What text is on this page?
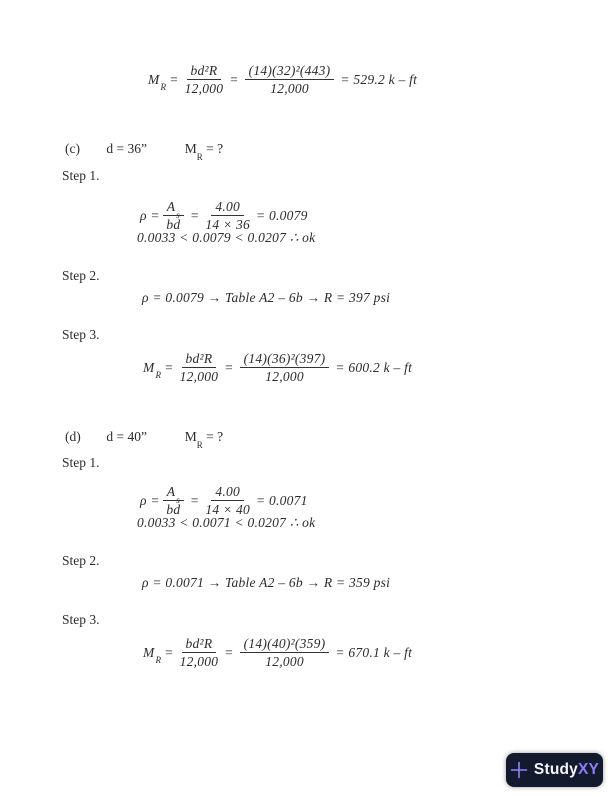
$M_R$
= $\frac{\text{bd²R}}{12,000} = \frac{\text{(14)(32)²(443)}}{12,000} = 529.2$ k – ft
(c) d = 36”	$M_R$ = ?
Step 1.
$\rho = \frac{A_s}{bd} = \frac{4.00}{14 \times 36} = 0.0079$
0.0033 < 0.0079 < 0.0207 ∴ ok
Step 2.
ρ = 0.0079 → Table A2 – 6b → R = 397 psi
Step 3.
$M_R$
= $\frac{\text{bd²R}}{12,000} = \frac{\text{(14)(36)²(397)}}{12,000} = 600.2$ k – ft
(d) d = 40”	$M_R$ = ?
Step 1.
$\rho = \frac{A_s}{bd} = \frac{4.00}{14 \times 40} = 0.0071$
0.0033 < 0.0071 < 0.0207 ∴ ok
Step 2.
ρ = 0.0071 → Table A2 – 6b → R = 359 psi
Step 3.
$M_R$
= $\frac{\text{bd²R}}{12,000} = \frac{\text{(14)(40)²(359)}}{12,000} = 670.1$ k – ft
StudyXY
